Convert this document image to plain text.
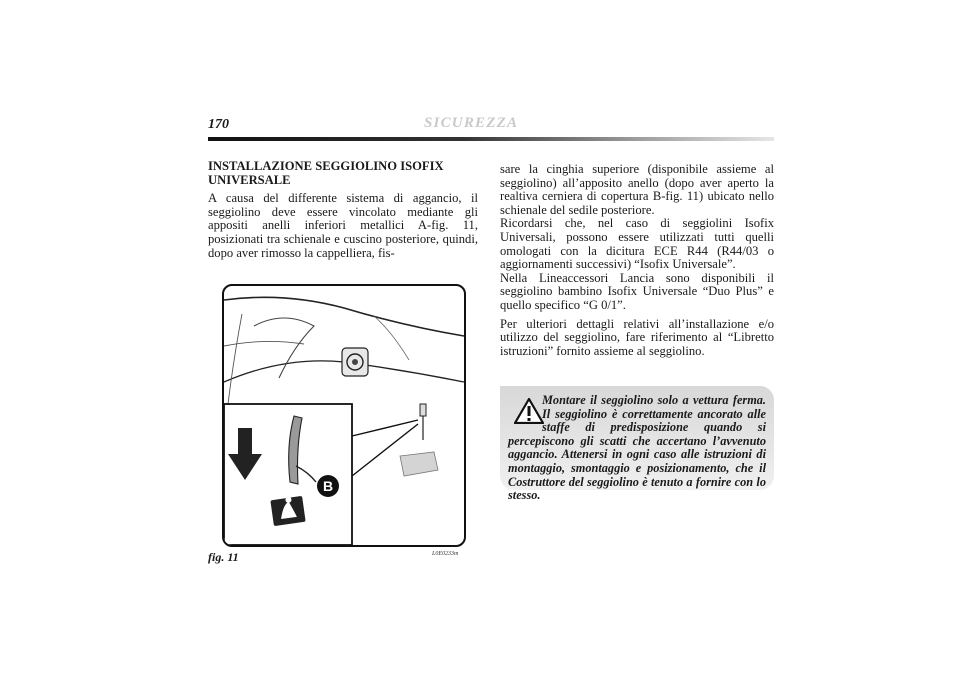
170	SICUREZZA
INSTALLAZIONE SEGGIOLINO ISOFIX
UNIVERSALE

A causa del differente sistema di aggancio, il seggiolino deve essere vincolato mediante gli appositi anelli inferiori metallici A-fig. 11, posizionati tra schienale e cuscino posteriore, quindi, dopo aver rimosso la cappelliera, fis-

sare la cinghia superiore (disponibile assieme al seggiolino) all’apposito anello (dopo aver aperto la realtiva cerniera di copertura B-fig. 11) ubicato nello schienale del sedile posteriore.

Ricordarsi che, nel caso di seggiolini Isofix Universali, possono essere utilizzati tutti quelli omologati con la dicitura ECE R44 (R44/03 o aggiornamenti successivi) “Isofix Universale”.

Nella Lineaccessori Lancia sono disponibili il seggiolino bambino Isofix Universale “Duo Plus” e quello specifico “G 0/1”.

Per ulteriori dettagli relativi all’installazione e/o utilizzo del seggiolino, fare riferimento al “Libretto istruzioni” fornito assieme al seggiolino.

B
fig. 11	L0E0233m
Montare il seggiolino solo a vettura ferma. Il seggiolino è correttamente ancorato alle staffe di predisposizione quando si percepiscono gli scatti che accertano l’avvenuto aggancio. Attenersi in ogni caso alle istruzioni di montaggio, smontaggio e posizionamento, che il Costruttore del seggiolino è tenuto a fornire con lo stesso.
